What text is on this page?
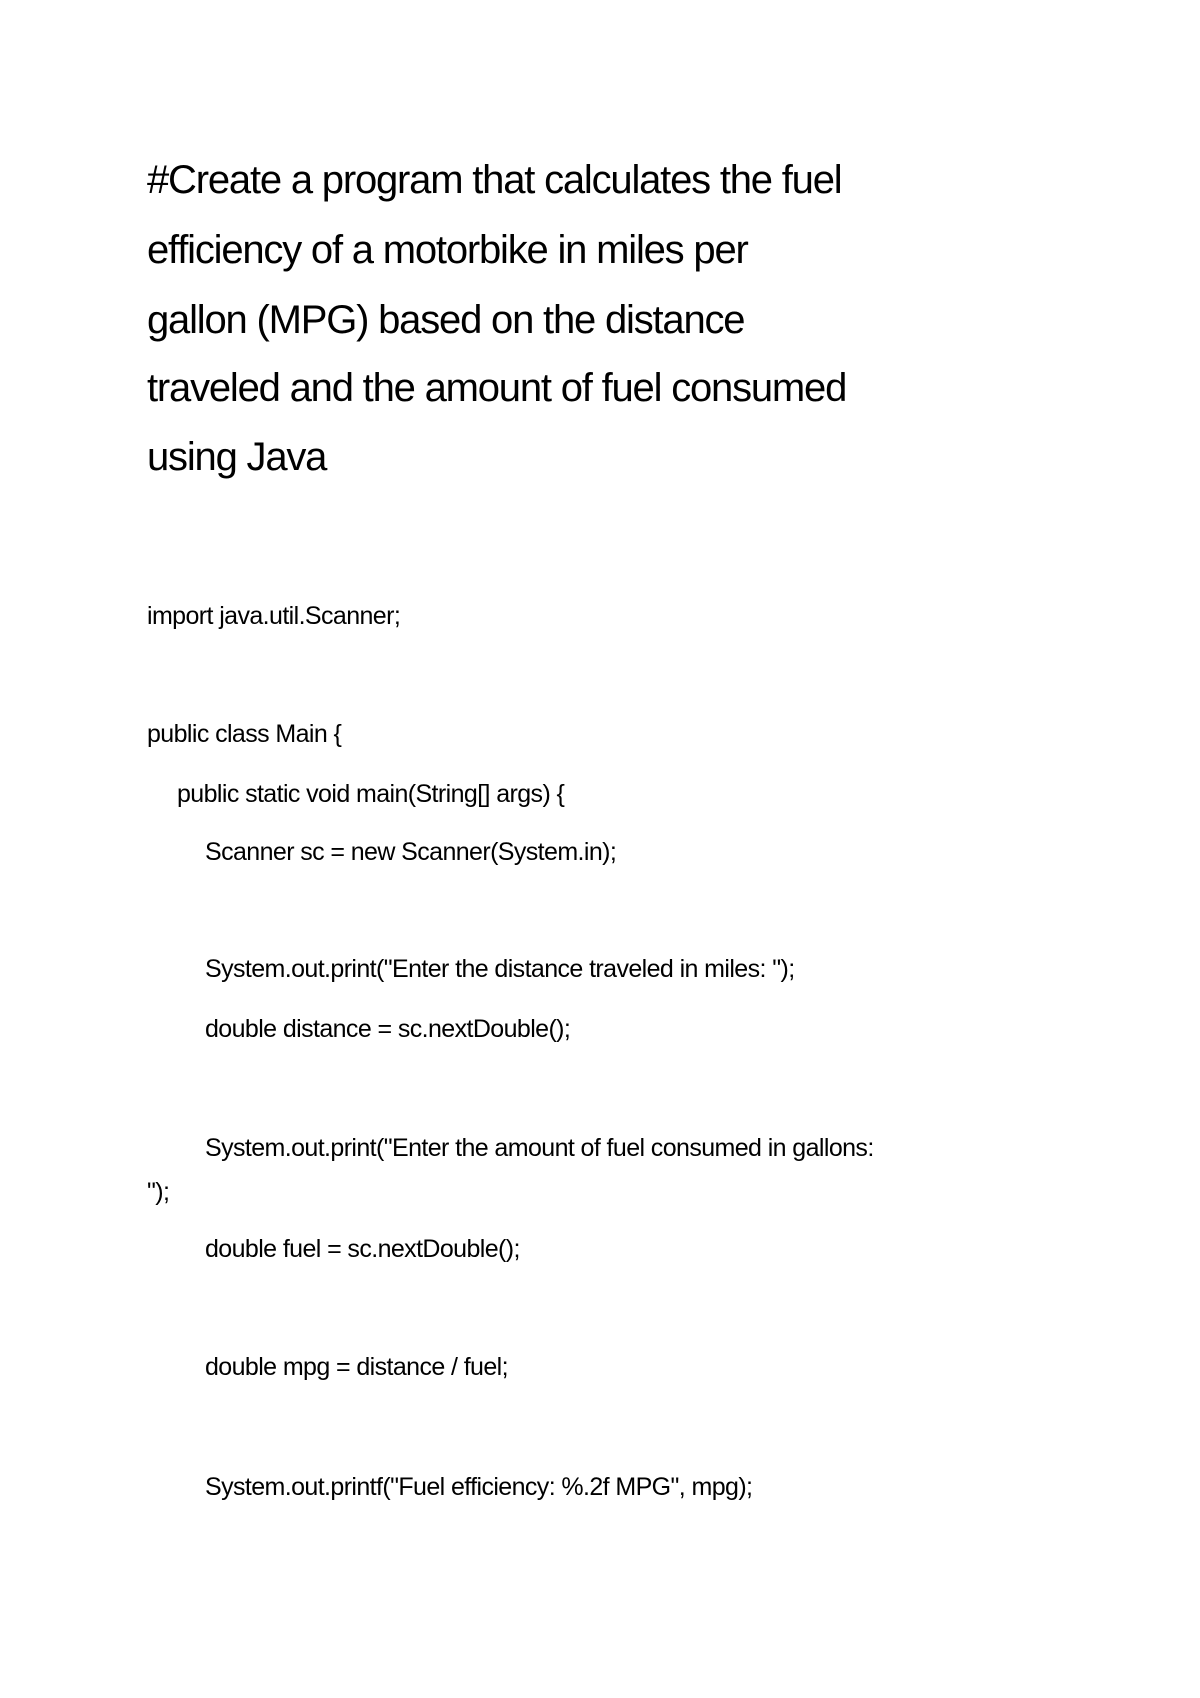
#Create a program that calculates the fuel
efficiency of a motorbike in miles per
gallon (MPG) based on the distance
traveled and the amount of fuel consumed
using Java
import java.util.Scanner;
public class Main {
public static void main(String[] args) {
Scanner sc = new Scanner(System.in);
System.out.print("Enter the distance traveled in miles: ");
double distance = sc.nextDouble();
System.out.print("Enter the amount of fuel consumed in gallons:
");
double fuel = sc.nextDouble();
double mpg = distance / fuel;
System.out.printf("Fuel efficiency: %.2f MPG", mpg);
